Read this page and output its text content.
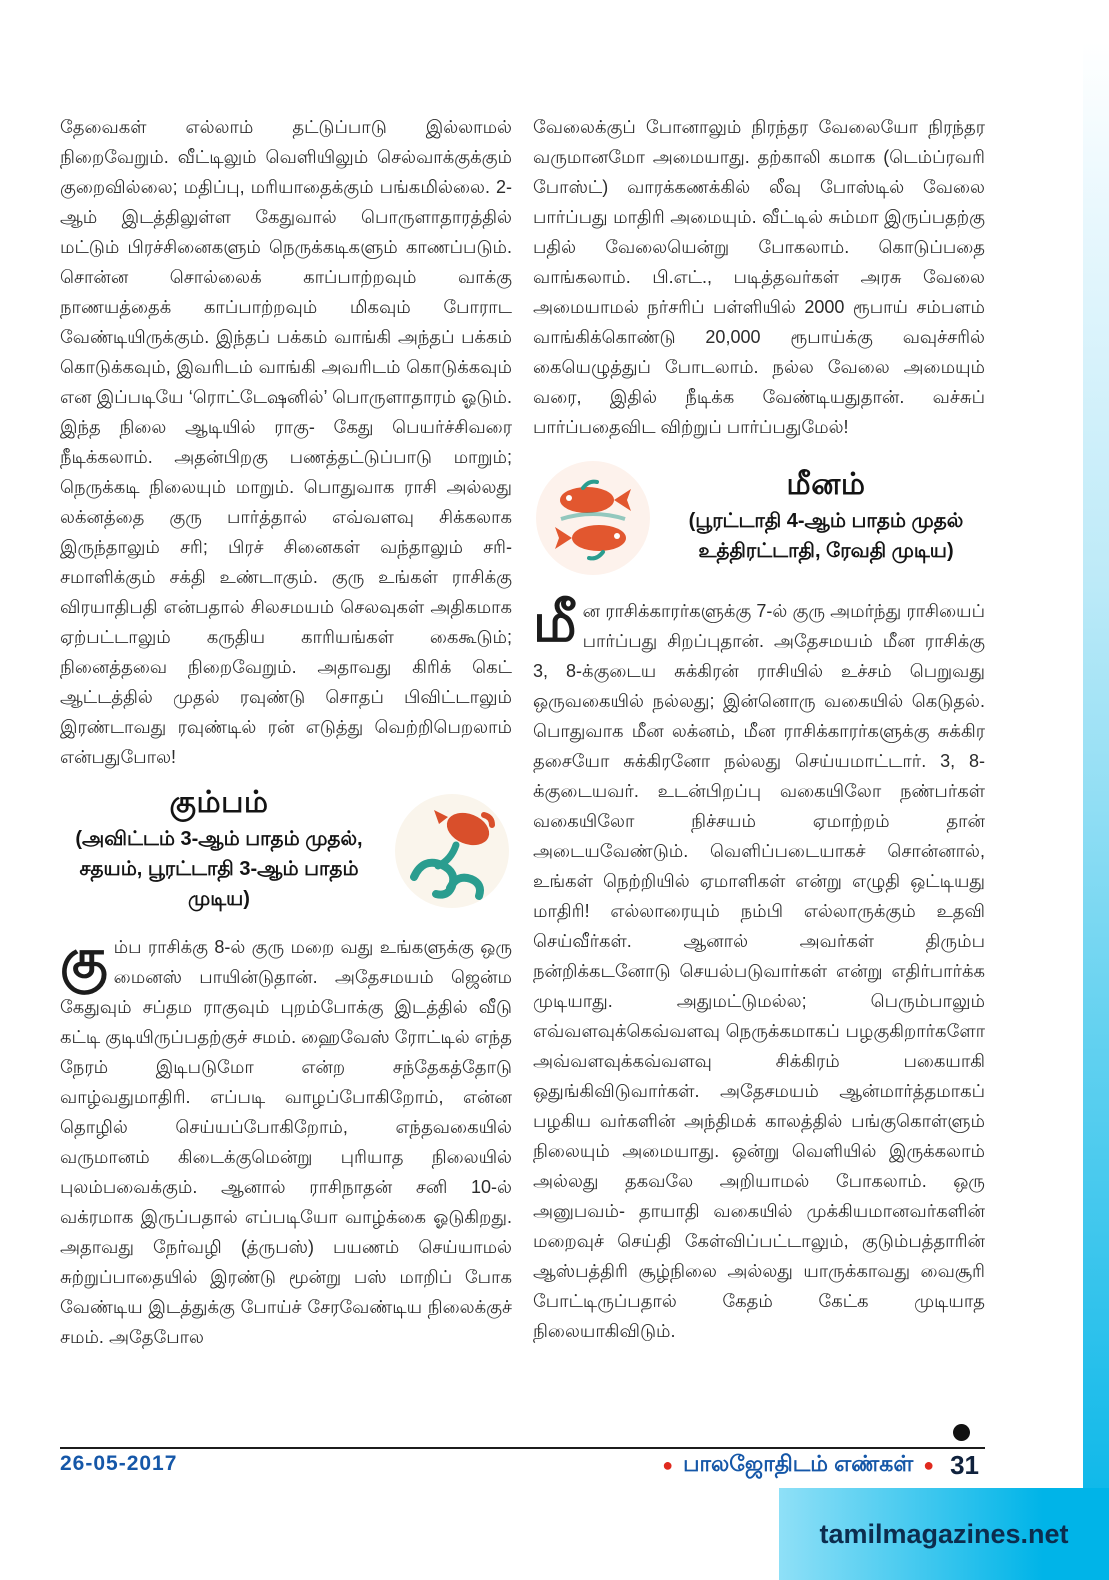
தேவைகள் எல்லாம் தட்டுப்பாடு இல்லாமல் நிறைவேறும். வீட்டிலும் வெளியிலும் செல்வாக்குக்கும் குறைவில்லை; மதிப்பு, மரியாதைக்கும் பங்கமில்லை. 2-ஆம் இடத்திலுள்ள கேதுவால் பொருளாதாரத்தில் மட்டும் பிரச்சினைகளும் நெருக்கடிகளும் காணப்படும். சொன்ன சொல்லைக் காப்பாற்றவும் வாக்கு நாணயத்தைக் காப்பாற்றவும் மிகவும் போராட வேண்டியிருக்கும். இந்தப் பக்கம் வாங்கி அந்தப் பக்கம் கொடுக்கவும், இவரிடம் வாங்கி அவரிடம் கொடுக்கவும் என இப்படியே ‘ரொட்டேஷனில்’ பொருளாதாரம் ஓடும். இந்த நிலை ஆடியில் ராகு- கேது பெயர்ச்சிவரை நீடிக்கலாம். அதன்பிறகு பணத்தட்டுப்பாடு மாறும்; நெருக்கடி நிலையும் மாறும். பொதுவாக ராசி அல்லது லக்னத்தை குரு பார்த்தால் எவ்வளவு சிக்கலாக இருந்தாலும் சரி; பிரச் சினைகள் வந்தாலும் சரி- சமாளிக்கும் சக்தி உண்டாகும். குரு உங்கள் ராசிக்கு விரயாதிபதி என்பதால் சிலசமயம் செலவுகள் அதிகமாக ஏற்பட்டாலும் கருதிய காரியங்கள் கைகூடும்; நினைத்தவை நிறைவேறும். அதாவது கிரிக் கெட் ஆட்டத்தில் முதல் ரவுண்டு சொதப் பிவிட்டாலும் இரண்டாவது ரவுண்டில் ரன் எடுத்து வெற்றிபெறலாம் என்பதுபோல!

கும்பம்
(அவிட்டம் 3-ஆம் பாதம் முதல், சதயம், பூரட்டாதி 3-ஆம் பாதம் முடிய)

கும்ப ராசிக்கு 8-ல் குரு மறை வது உங்களுக்கு ஒரு மைனஸ் பாயின்டுதான். அதேசமயம் ஜென்ம கேதுவும் சப்தம ராகுவும் புறம்போக்கு இடத்தில் வீடு கட்டி குடியிருப்பதற்குச் சமம். ஹைவேஸ் ரோட்டில் எந்த நேரம் இடிபடுமோ என்ற சந்தேகத்தோடு வாழ்வதுமாதிரி. எப்படி வாழப்போகிறோம், என்ன தொழில் செய்யப்போகிறோம், எந்தவகையில் வருமானம் கிடைக்குமென்று புரியாத நிலையில் புலம்பவைக்கும். ஆனால் ராசிநாதன் சனி 10-ல் வக்ரமாக இருப்பதால் எப்படியோ வாழ்க்கை ஓடுகிறது. அதாவது நேர்வழி (த்ருபஸ்) பயணம் செய்யாமல் சுற்றுப்பாதையில் இரண்டு மூன்று பஸ் மாறிப் போக வேண்டிய இடத்துக்கு போய்ச் சேரவேண்டிய நிலைக்குச் சமம். அதேபோல

வேலைக்குப் போனாலும் நிரந்தர வேலையோ நிரந்தர வருமானமோ அமையாது. தற்காலி கமாக (டெம்ப்ரவரி போஸ்ட்) வாரக்கணக்கில் லீவு போஸ்டில் வேலை பார்ப்பது மாதிரி அமையும். வீட்டில் சும்மா இருப்பதற்கு பதில் வேலையென்று போகலாம். கொடுப்பதை வாங்கலாம். பி.எட்., படித்தவர்கள் அரசு வேலை அமையாமல் நர்சரிப் பள்ளியில் 2000 ரூபாய் சம்பளம் வாங்கிக்கொண்டு 20,000 ரூபாய்க்கு வவுச்சரில் கையெழுத்துப் போடலாம். நல்ல வேலை அமையும் வரை, இதில் நீடிக்க வேண்டியதுதான். வச்சுப் பார்ப்பதைவிட விற்றுப் பார்ப்பதுமேல்!

மீனம்
(பூரட்டாதி 4-ஆம் பாதம் முதல் உத்திரட்டாதி, ரேவதி முடிய)

மீன ராசிக்காரர்களுக்கு 7-ல் குரு அமர்ந்து ராசியைப் பார்ப்பது சிறப்புதான். அதேசமயம் மீன ராசிக்கு 3, 8-க்குடைய சுக்கிரன் ராசியில் உச்சம் பெறுவது ஒருவகையில் நல்லது; இன்னொரு வகையில் கெடுதல். பொதுவாக மீன லக்னம், மீன ராசிக்காரர்களுக்கு சுக்கிர தசையோ சுக்கிரனோ நல்லது செய்யமாட்டார். 3, 8-க்குடையவர். உடன்பிறப்பு வகையிலோ நண்பர்கள் வகையிலோ நிச்சயம் ஏமாற்றம் தான் அடையவேண்டும். வெளிப்படையாகச் சொன்னால், உங்கள் நெற்றியில் ஏமாளிகள் என்று எழுதி ஒட்டியது மாதிரி! எல்லாரையும் நம்பி எல்லாருக்கும் உதவி செய்வீர்கள். ஆனால் அவர்கள் திரும்ப நன்றிக்கடனோடு செயல்படுவார்கள் என்று எதிர்பார்க்க முடியாது. அதுமட்டுமல்ல; பெரும்பாலும் எவ்வளவுக்கெவ்வளவு நெருக்கமாகப் பழகுகிறார்களோ அவ்வளவுக்கவ்வளவு சிக்கிரம் பகையாகி ஒதுங்கிவிடுவார்கள். அதேசமயம் ஆன்மார்த்தமாகப் பழகிய வர்களின் அந்திமக் காலத்தில் பங்குகொள்ளும் நிலையும் அமையாது. ஒன்று வெளியில் இருக்கலாம் அல்லது தகவலே அறியாமல் போகலாம். ஒரு அனுபவம்- தாயாதி வகையில் முக்கியமானவர்களின் மறைவுச் செய்தி கேள்விப்பட்டாலும், குடும்பத்தாரின் ஆஸ்பத்திரி சூழ்நிலை அல்லது யாருக்காவது வைசூரி போட்டிருப்பதால் கேதம் கேட்க முடியாத நிலையாகிவிடும்.

26-05-2017	● பாலஜோதிடம் எண்கள் ● 31
tamilmagazines.net
